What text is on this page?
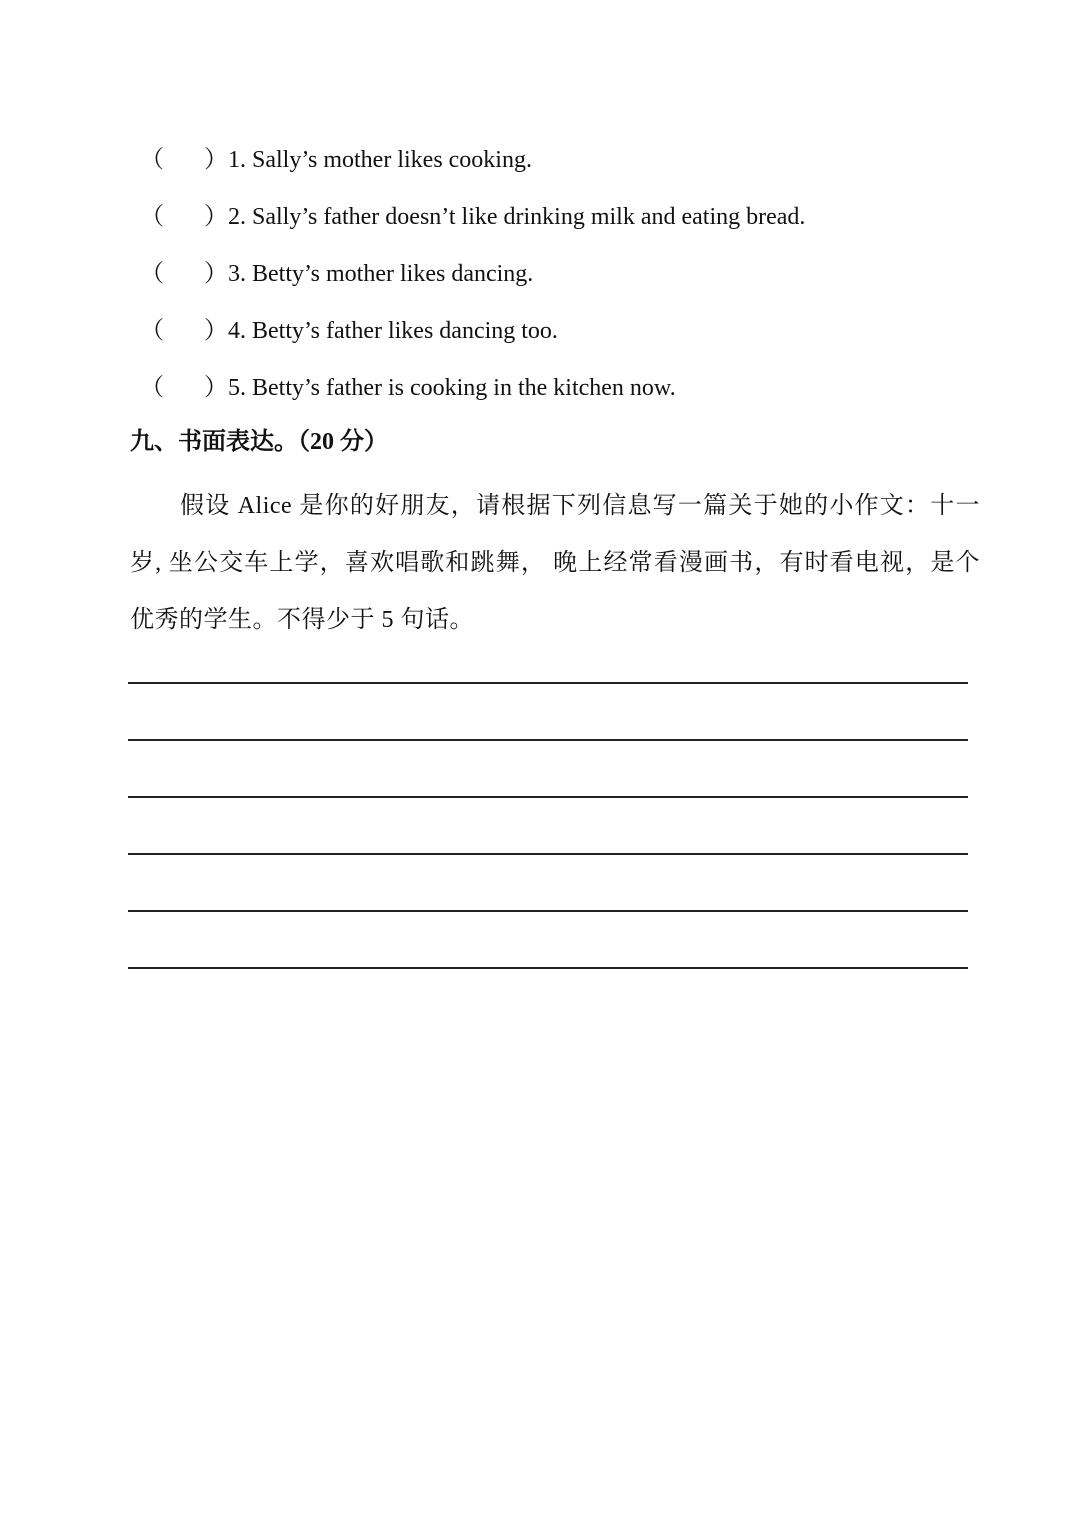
（ ） 1. Sally’s mother likes cooking.
（ ） 2. Sally’s father doesn’t like drinking milk and eating bread.
（ ） 3. Betty’s mother likes dancing.
（ ） 4. Betty’s father likes dancing too.
（ ） 5. Betty’s father is cooking in the kitchen now.
九、书面表达。（20 分）
假设 Alice 是你的好朋友，请根据下列信息写一篇关于她的小作文：十一岁, 坐公交车上学，喜欢唱歌和跳舞， 晚上经常看漫画书，有时看电视，是个优秀的学生。不得少于 5 句话。
